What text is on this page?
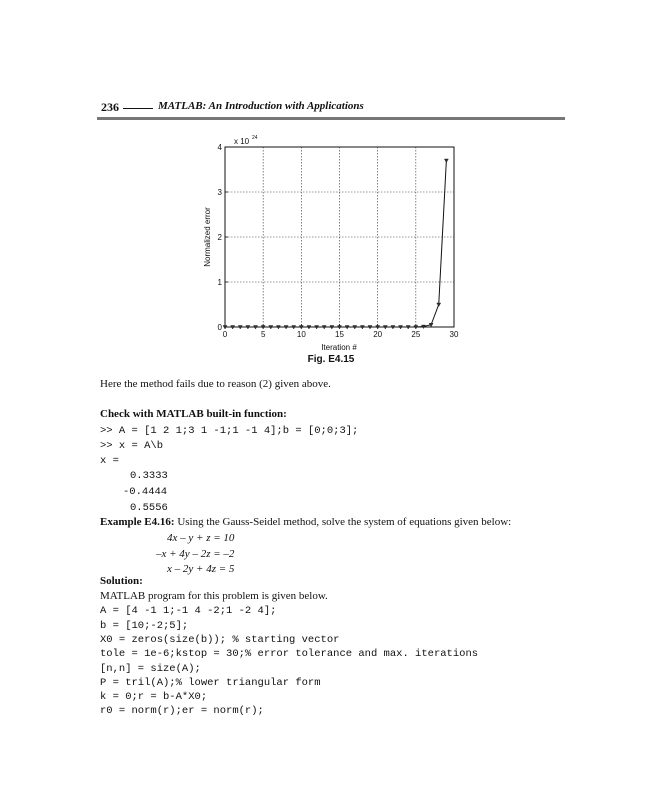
236	MATLAB: An Introduction with Applications
x 10 24
0	5	10	15	20	25	30
0
1
2
3
4
Iteration #
Normalized error
Fig. E4.15
Here the method fails due to reason (2) given above.
Check with MATLAB built-in function:
>> A = [1 2 1;3 1 -1;1 -1 4];b = [0;0;3];
>> x = A\b
x =
0.3333
-0.4444
0.5556
Example E4.16: Using the Gauss-Seidel method, solve the system of equations given below:
4x – y + z = 10
–x + 4y – 2z = –2
x – 2y + 4z = 5
Solution:
MATLAB program for this problem is given below.
A = [4 -1 1;-1 4 -2;1 -2 4];
b = [10;-2;5];
X0 = zeros(size(b)); % starting vector
tole = 1e-6;kstop = 30;% error tolerance and max. iterations
[n,n] = size(A);
P = tril(A);% lower triangular form
k = 0;r = b-A*X0;
r0 = norm(r);er = norm(r);
